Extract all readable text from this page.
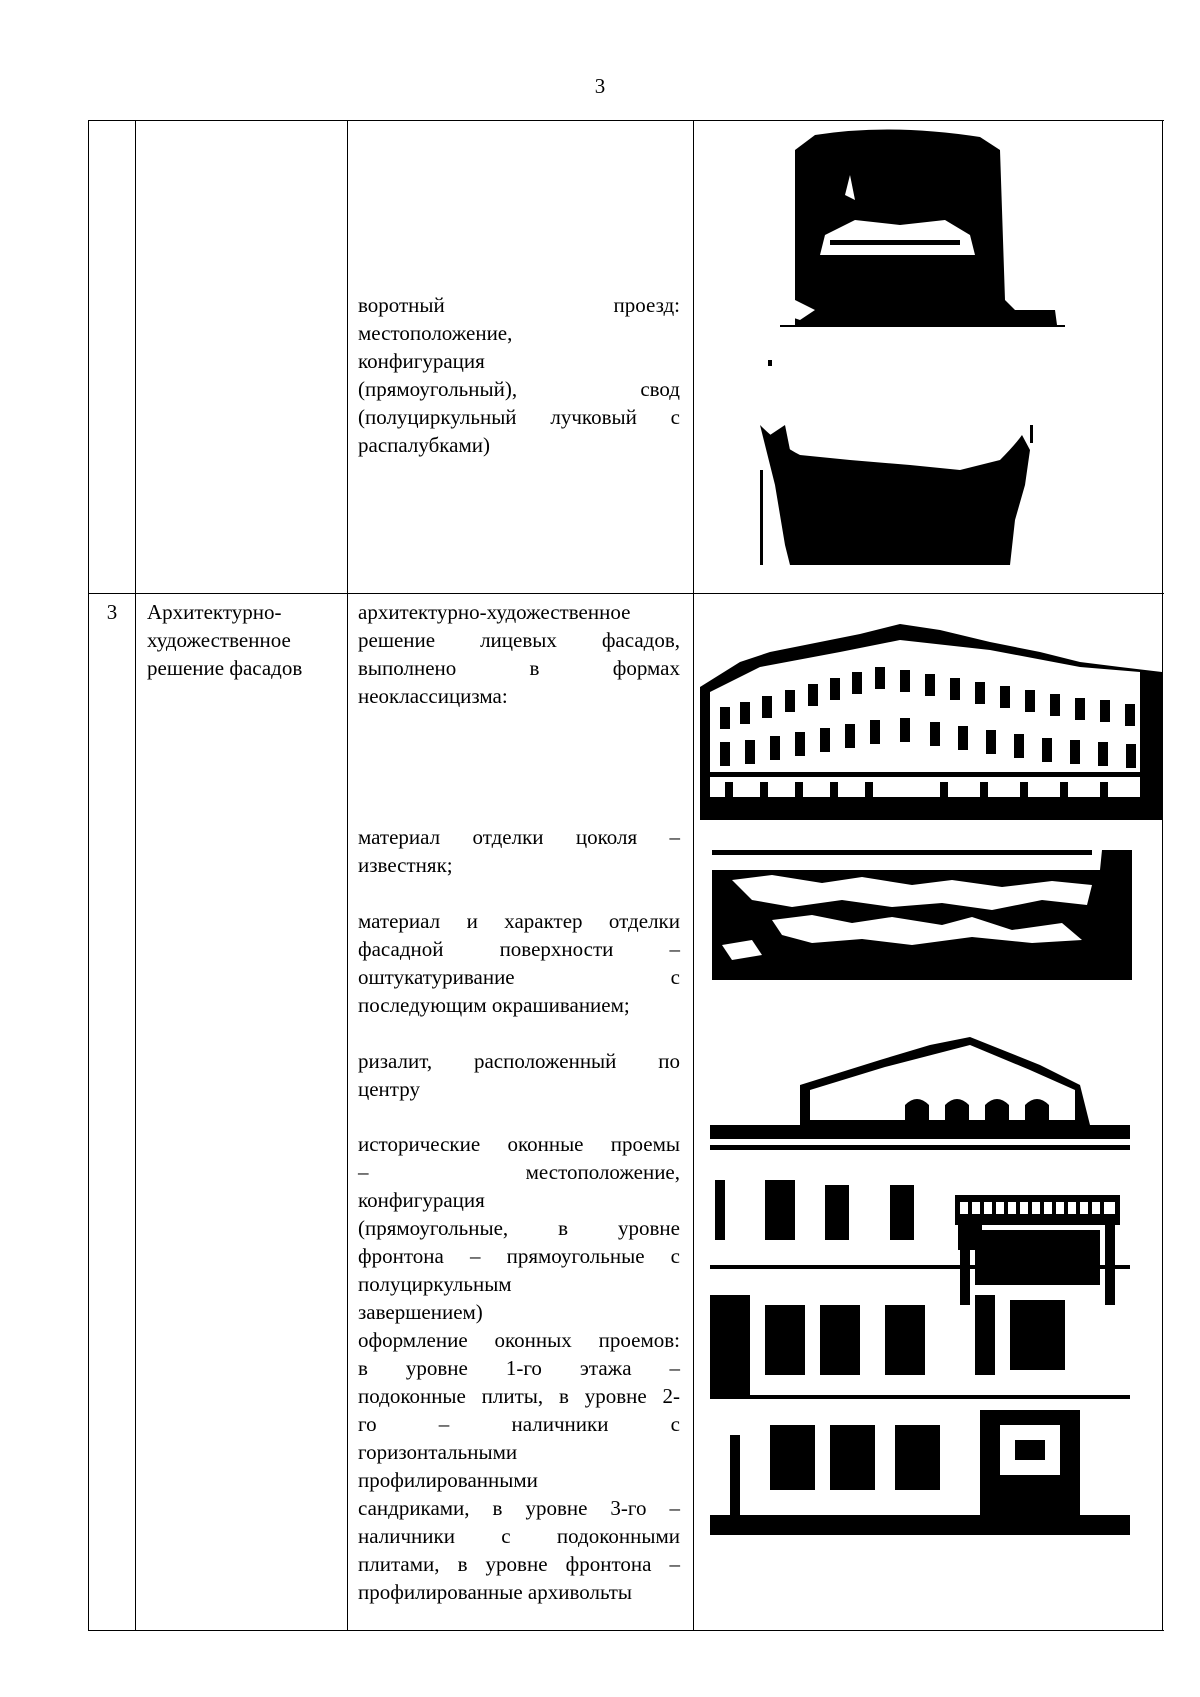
3
воротный проезд:
местоположение,
конфигурация
(прямоугольный), свод
(полуциркульный лучковый с
распалубками)
3	Архитектурно-
художественное
решение фасадов
архитектурно-художественное
решение лицевых фасадов,
выполнено в формах
неоклассицизма:
материал отделки цоколя –
известняк;
материал и характер отделки
фасадной поверхности –
оштукатуривание с
последующим окрашиванием;
ризалит, расположенный по
центру
исторические оконные проемы
– местоположение,
конфигурация
(прямоугольные, в уровне
фронтона – прямоугольные с
полуциркульным
завершением)
оформление оконных проемов:
в уровне 1-го этажа –
подоконные плиты, в уровне 2-
го – наличники с
горизонтальными
профилированными
сандриками, в уровне 3-го –
наличники с подоконными
плитами, в уровне фронтона –
профилированные архивольты
